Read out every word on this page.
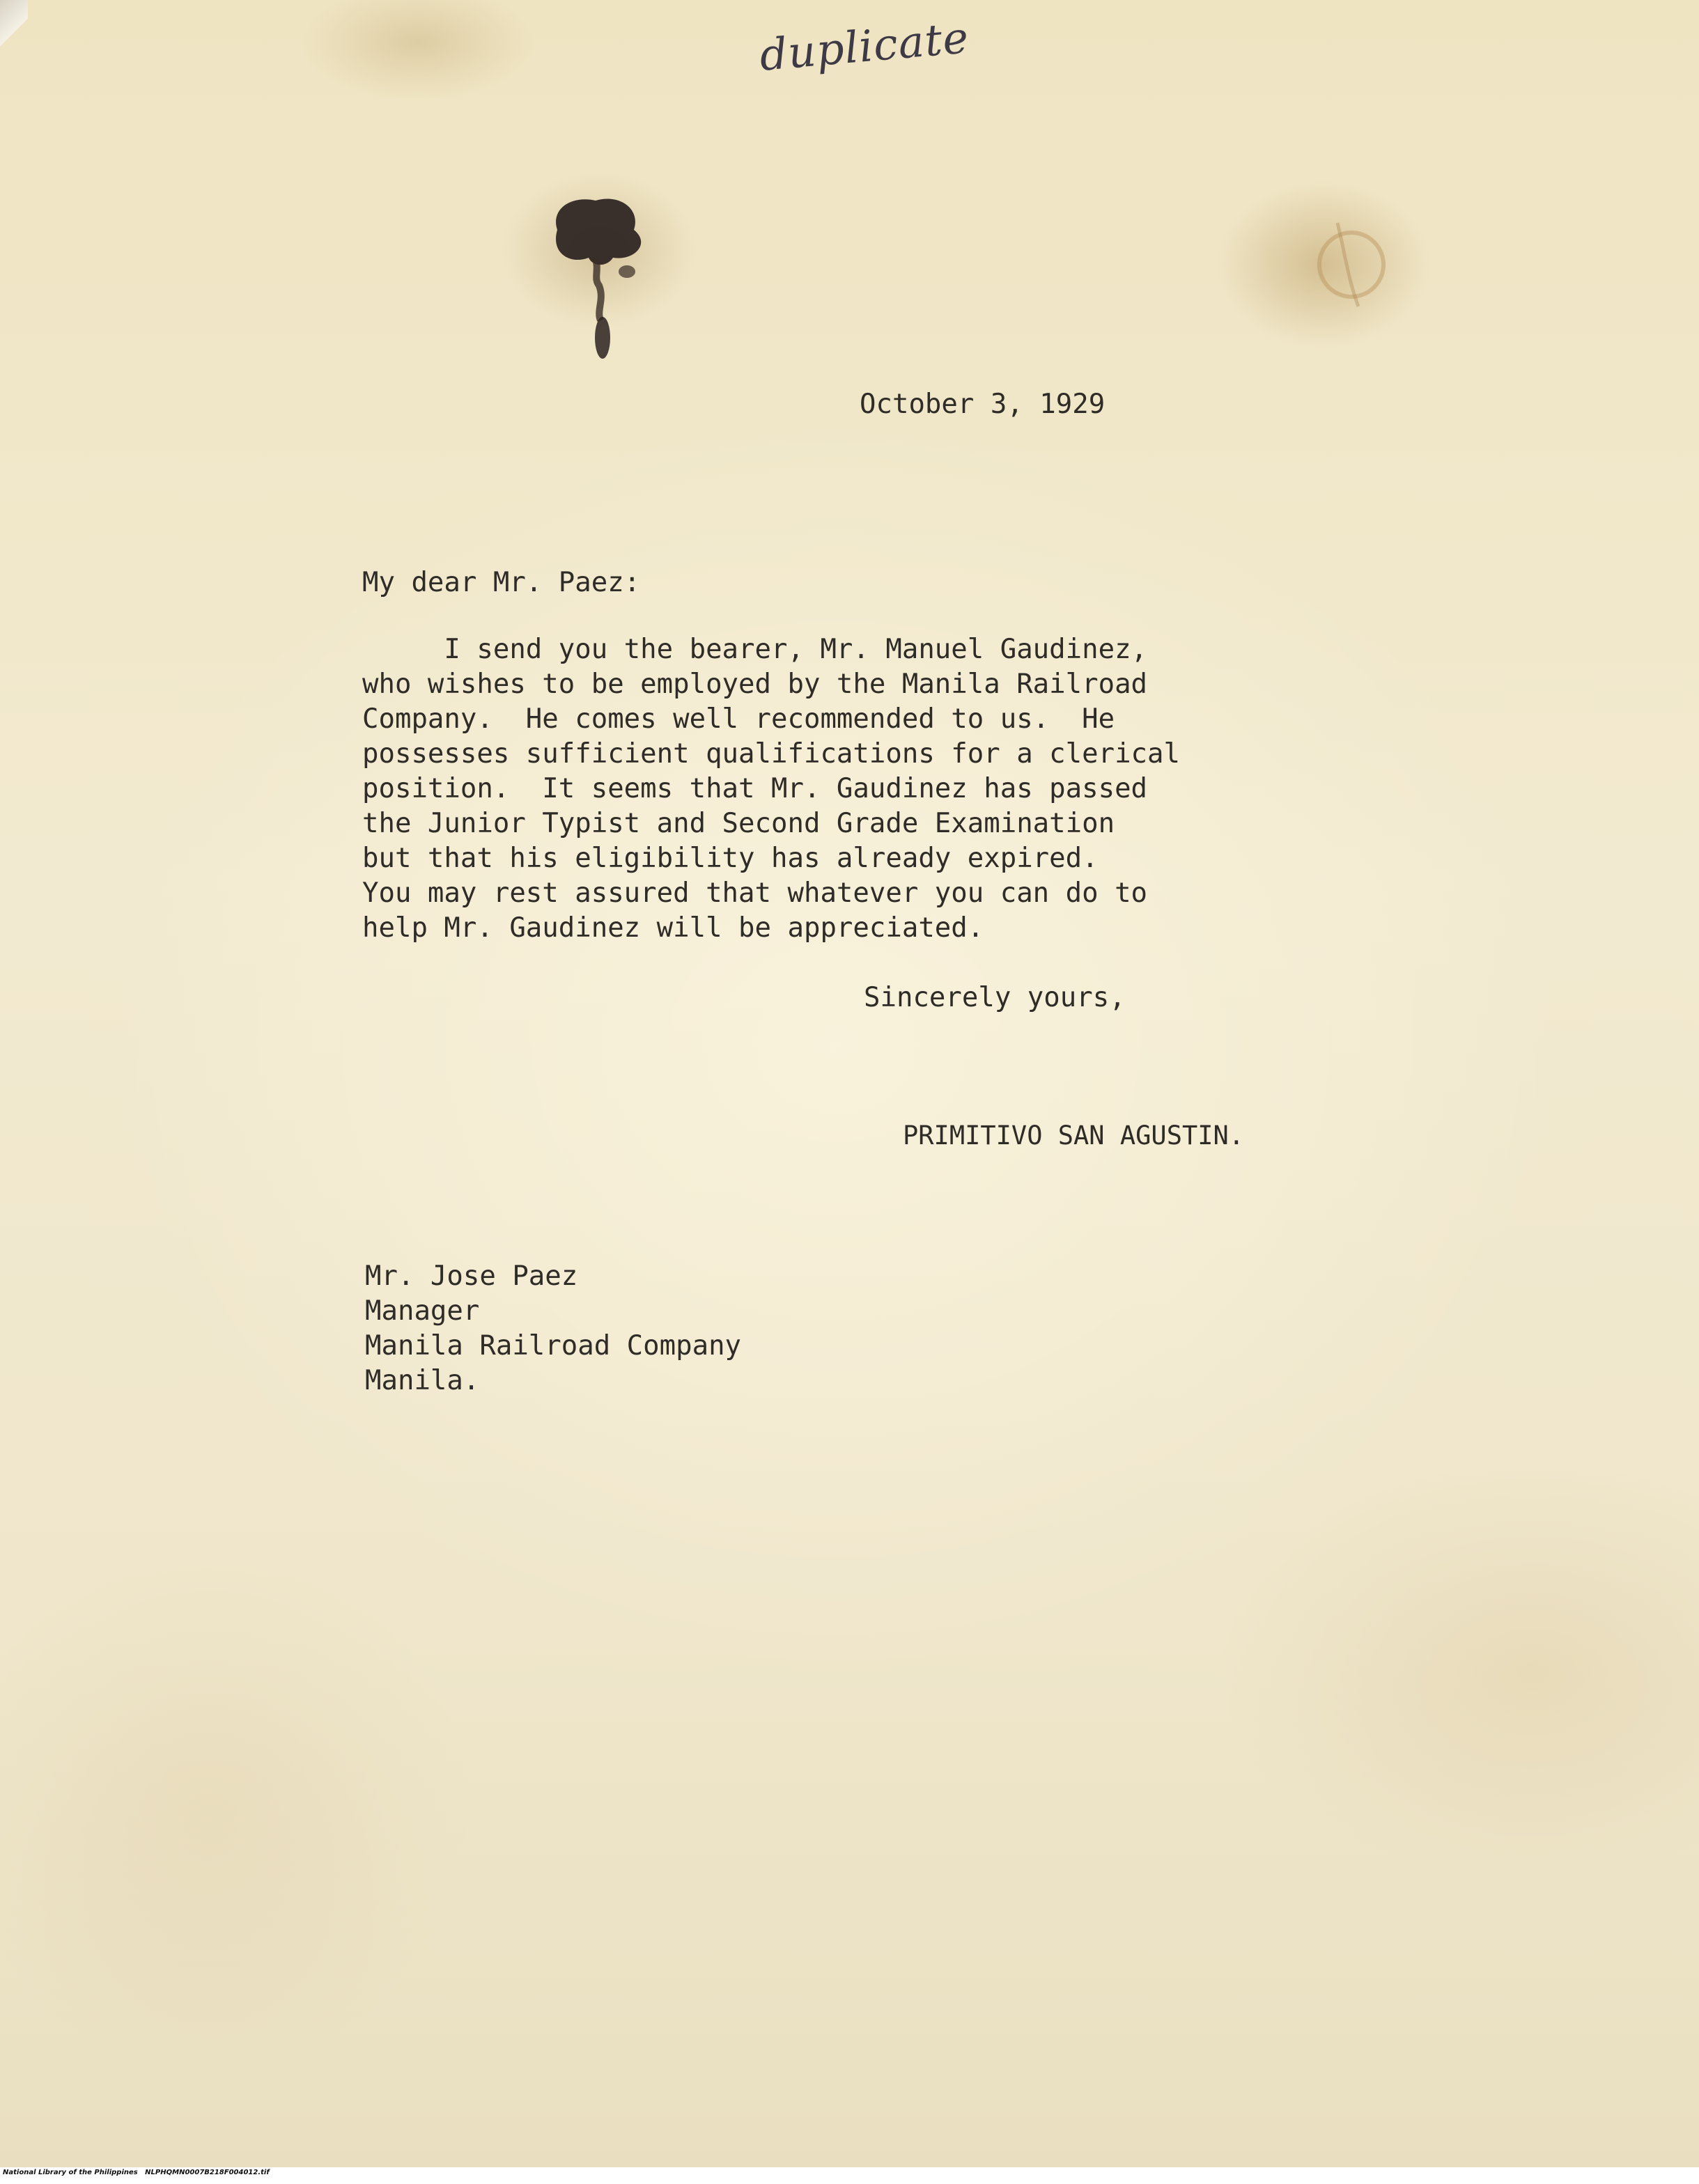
duplicate
October 3, 1929
My dear Mr. Paez:
I send you the bearer, Mr. Manuel Gaudinez,
who wishes to be employed by the Manila Railroad
Company.  He comes well recommended to us.  He
possesses sufficient qualifications for a clerical
position.  It seems that Mr. Gaudinez has passed
the Junior Typist and Second Grade Examination
but that his eligibility has already expired.
You may rest assured that whatever you can do to
help Mr. Gaudinez will be appreciated.
Sincerely yours,
PRIMITIVO SAN AGUSTIN.
Mr. Jose Paez
Manager
Manila Railroad Company
Manila.
National Library of the Philippines   NLPHQMN0007B218F004012.tif
